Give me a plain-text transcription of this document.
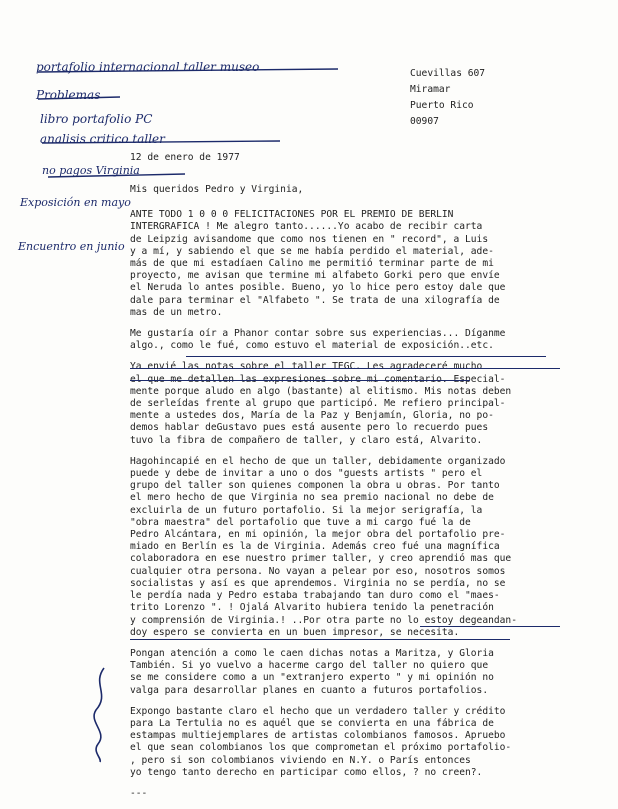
portafolio internacional taller museo
Problemas
libro portafolio PC
analisis critico taller
no pagos Virginia
Exposición en mayo
Encuentro en junio
Cuevillas 607
Miramar
Puerto Rico
00907
12 de enero de 1977

Mis queridos Pedro y Virginia,

ANTE TODO 1 0 0 0 FELICITACIONES POR EL PREMIO DE BERLIN
INTERGRAFICA ! Me alegro tanto......Yo acabo de recibir carta
de Leipzig avisandome que como nos tienen en " record", a Luis
y a mí, y sabiendo el que se me había perdido el material, ade-
más de que mi estadíaen Calino me permitió terminar parte de mi
proyecto, me avisan que termine mi alfabeto Gorki pero que envíe
el Neruda lo antes posible. Bueno, yo lo hice pero estoy dale que
dale para terminar el "Alfabeto ". Se trata de una xilografía de
mas de un metro.

Me gustaría oír a Phanor contar sobre sus experiencias... Díganme
algo., como le fué, como estuvo el material de exposición..etc.

Ya envié las notas sobre el taller TEGC. Les agradeceré mucho
el que me detallen las expresiones sobre mi comentario. Especial-
mente porque aludo en algo (bastante) al elitismo. Mis notas deben
de serleídas frente al grupo que participó. Me refiero principal-
mente a ustedes dos, María de la Paz y Benjamín, Gloria, no po-
demos hablar deGustavo pues está ausente pero lo recuerdo pues
tuvo la fibra de compañero de taller, y claro está, Alvarito.

Hagohincapié en el hecho de que un taller, debidamente organizado
puede y debe de invitar a uno o dos "guests artists " pero el
grupo del taller son quienes componen la obra u obras. Por tanto
el mero hecho de que Virginia no sea premio nacional no debe de
excluirla de un futuro portafolio. Si la mejor serigrafía, la
"obra maestra" del portafolio que tuve a mi cargo fué la de
Pedro Alcántara, en mi opinión, la mejor obra del portafolio pre-
miado en Berlín es la de Virginia. Además creo fué una magnífica
colaboradora en ese nuestro primer taller, y creo aprendió mas que
cualquier otra persona. No vayan a pelear por eso, nosotros somos
socialistas y así es que aprendemos. Virginia no se perdía, no se
le perdía nada y Pedro estaba trabajando tan duro como el "maes-
trito Lorenzo ". ! Ojalá Alvarito hubiera tenido la penetración
y comprensión de Virginia.! ..Por otra parte no lo estoy degeandan-
doy espero se convierta en un buen impresor, se necesita.

Pongan atención a como le caen dichas notas a Maritza, y Gloria
También. Si yo vuelvo a hacerme cargo del taller no quiero que
se me considere como a un "extranjero experto " y mi opinión no
valga para desarrollar planes en cuanto a futuros portafolios.

Expongo bastante claro el hecho que un verdadero taller y crédito
para La Tertulia no es aquél que se convierta en una fábrica de
estampas multiejemplares de artistas colombianos famosos. Apruebo
el que sean colombianos los que comprometan el próximo portafolio-
, pero si son colombianos viviendo en N.Y. o París entonces
yo tengo tanto derecho en participar como ellos, ? no creen?.

---
